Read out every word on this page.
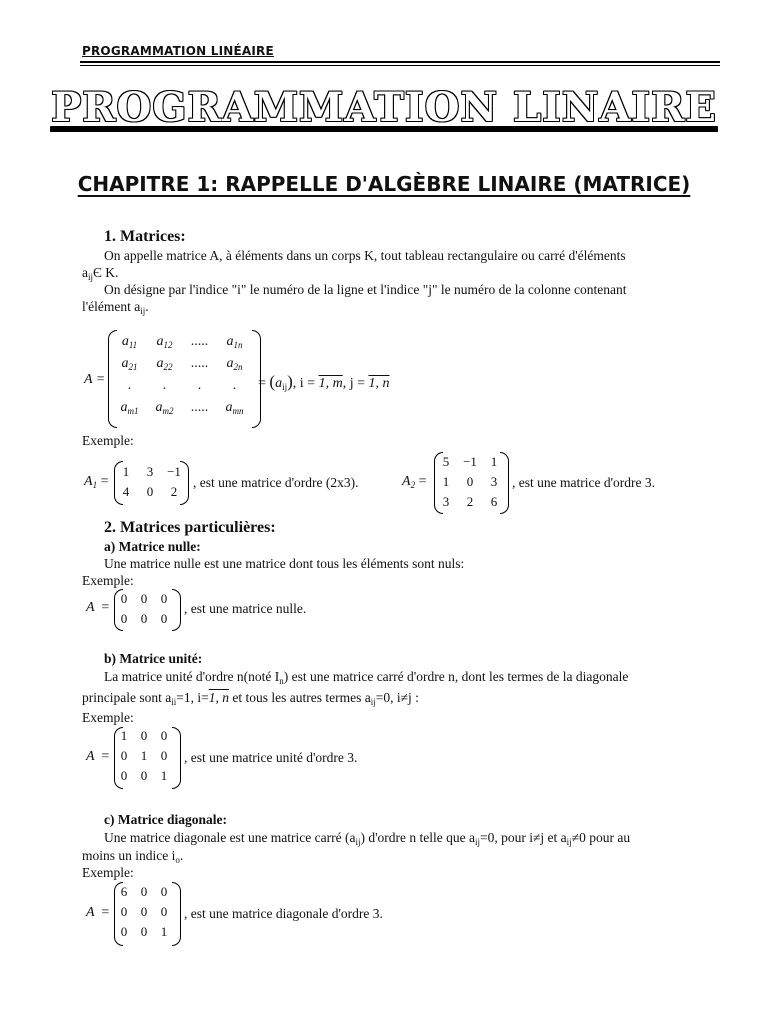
PROGRAMMATION LINÉAIRE
PROGRAMMATION LINAIRE
CHAPITRE 1: RAPPELLE D'ALGÈBRE LINAIRE (MATRICE)
1. Matrices:
On appelle matrice A, à éléments dans un corps K, tout tableau rectangulaire ou carré d'éléments
$a_{ij}Є$ K.
On désigne par l'indice "i" le numéro de la ligne et l'indice "j" le numéro de la colonne contenant
l'élément $a_{ij}$.
A =
$a_{11}$	$a_{12}$	.....	$a_{1n}$
$a_{21}$	$a_{22}$	.....	$a_{2n}$
.	.	.	.
$a_{m1}$	$a_{m2}$	.....	$a_{mn}$
= $(a_{ij})$, i = 1, m, j = 1, n
Exemple:
$A_1$ =
1	3	−1
4	0	2
, est une matrice d'ordre (2x3).	$A_2$ =
5	−1	1
1	0	3
3	2	6
, est une matrice d'ordre 3.
2. Matrices particulières:
a) Matrice nulle:
Une matrice nulle est une matrice dont tous les éléments sont nuls:
Exemple:
A =
0	0	0
0	0	0
, est une matrice nulle.
b) Matrice unité:
La matrice unité d'ordre n(noté $I_n$) est une matrice carré d'ordre n, dont les termes de la diagonale
principale sont $a_{ii}=1$, i=1, n et tous les autres termes $a_{ij}=0$, i≠j :
Exemple:
A =
1	0	0
0	1	0
0	0	1
, est une matrice unité d'ordre 3.
c) Matrice diagonale:
Une matrice diagonale est une matrice carré $(a_{ij})$ d'ordre n telle que $a_{ij}=0$, pour i≠j et $a_{ij}\ne 0$ pour au
moins un indice $i_o$.
Exemple:
A =
6	0	0
0	0	0
0	0	1
, est une matrice diagonale d'ordre 3.
